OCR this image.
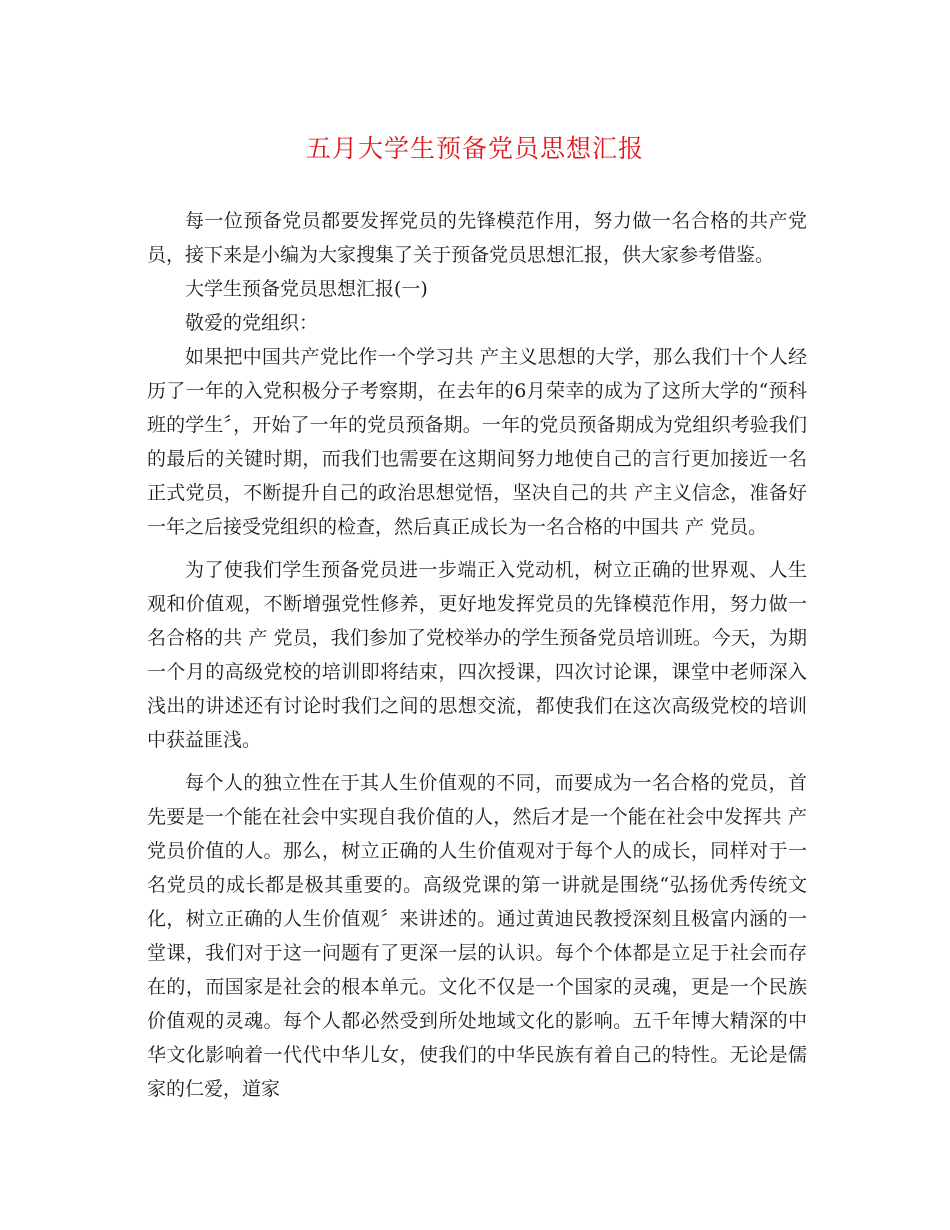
五月大学生预备党员思想汇报

每一位预备党员都要发挥党员的先锋模范作用，努力做一名合格的共产党员，接下来是小编为大家搜集了关于预备党员思想汇报，供大家参考借鉴。

大学生预备党员思想汇报(一)

敬爱的党组织：

如果把中国共产党比作一个学习共 产主义思想的大学，那么我们十个人经历了一年的入党积极分子考察期，在去年的6月荣幸的成为了这所大学的“预科班的学生〞，开始了一年的党员预备期。一年的党员预备期成为党组织考验我们的最后的关键时期，而我们也需要在这期间努力地使自己的言行更加接近一名正式党员，不断提升自己的政治思想觉悟，坚决自己的共 产主义信念，准备好一年之后接受党组织的检查，然后真正成长为一名合格的中国共 产 党员。

为了使我们学生预备党员进一步端正入党动机，树立正确的世界观、人生观和价值观，不断增强党性修养，更好地发挥党员的先锋模范作用，努力做一名合格的共 产 党员，我们参加了党校举办的学生预备党员培训班。今天，为期一个月的高级党校的培训即将结束，四次授课，四次讨论课，课堂中老师深入浅出的讲述还有讨论时我们之间的思想交流，都使我们在这次高级党校的培训中获益匪浅。

每个人的独立性在于其人生价值观的不同，而要成为一名合格的党员，首先要是一个能在社会中实现自我价值的人，然后才是一个能在社会中发挥共 产 党员价值的人。那么，树立正确的人生价值观对于每个人的成长，同样对于一名党员的成长都是极其重要的。高级党课的第一讲就是围绕“弘扬优秀传统文化，树立正确的人生价值观〞来讲述的。通过黄迪民教授深刻且极富内涵的一堂课，我们对于这一问题有了更深一层的认识。每个个体都是立足于社会而存在的，而国家是社会的根本单元。文化不仅是一个国家的灵魂，更是一个民族价值观的灵魂。每个人都必然受到所处地域文化的影响。五千年博大精深的中华文化影响着一代代中华儿女，使我们的中华民族有着自己的特性。无论是儒家的仁爱，道家
